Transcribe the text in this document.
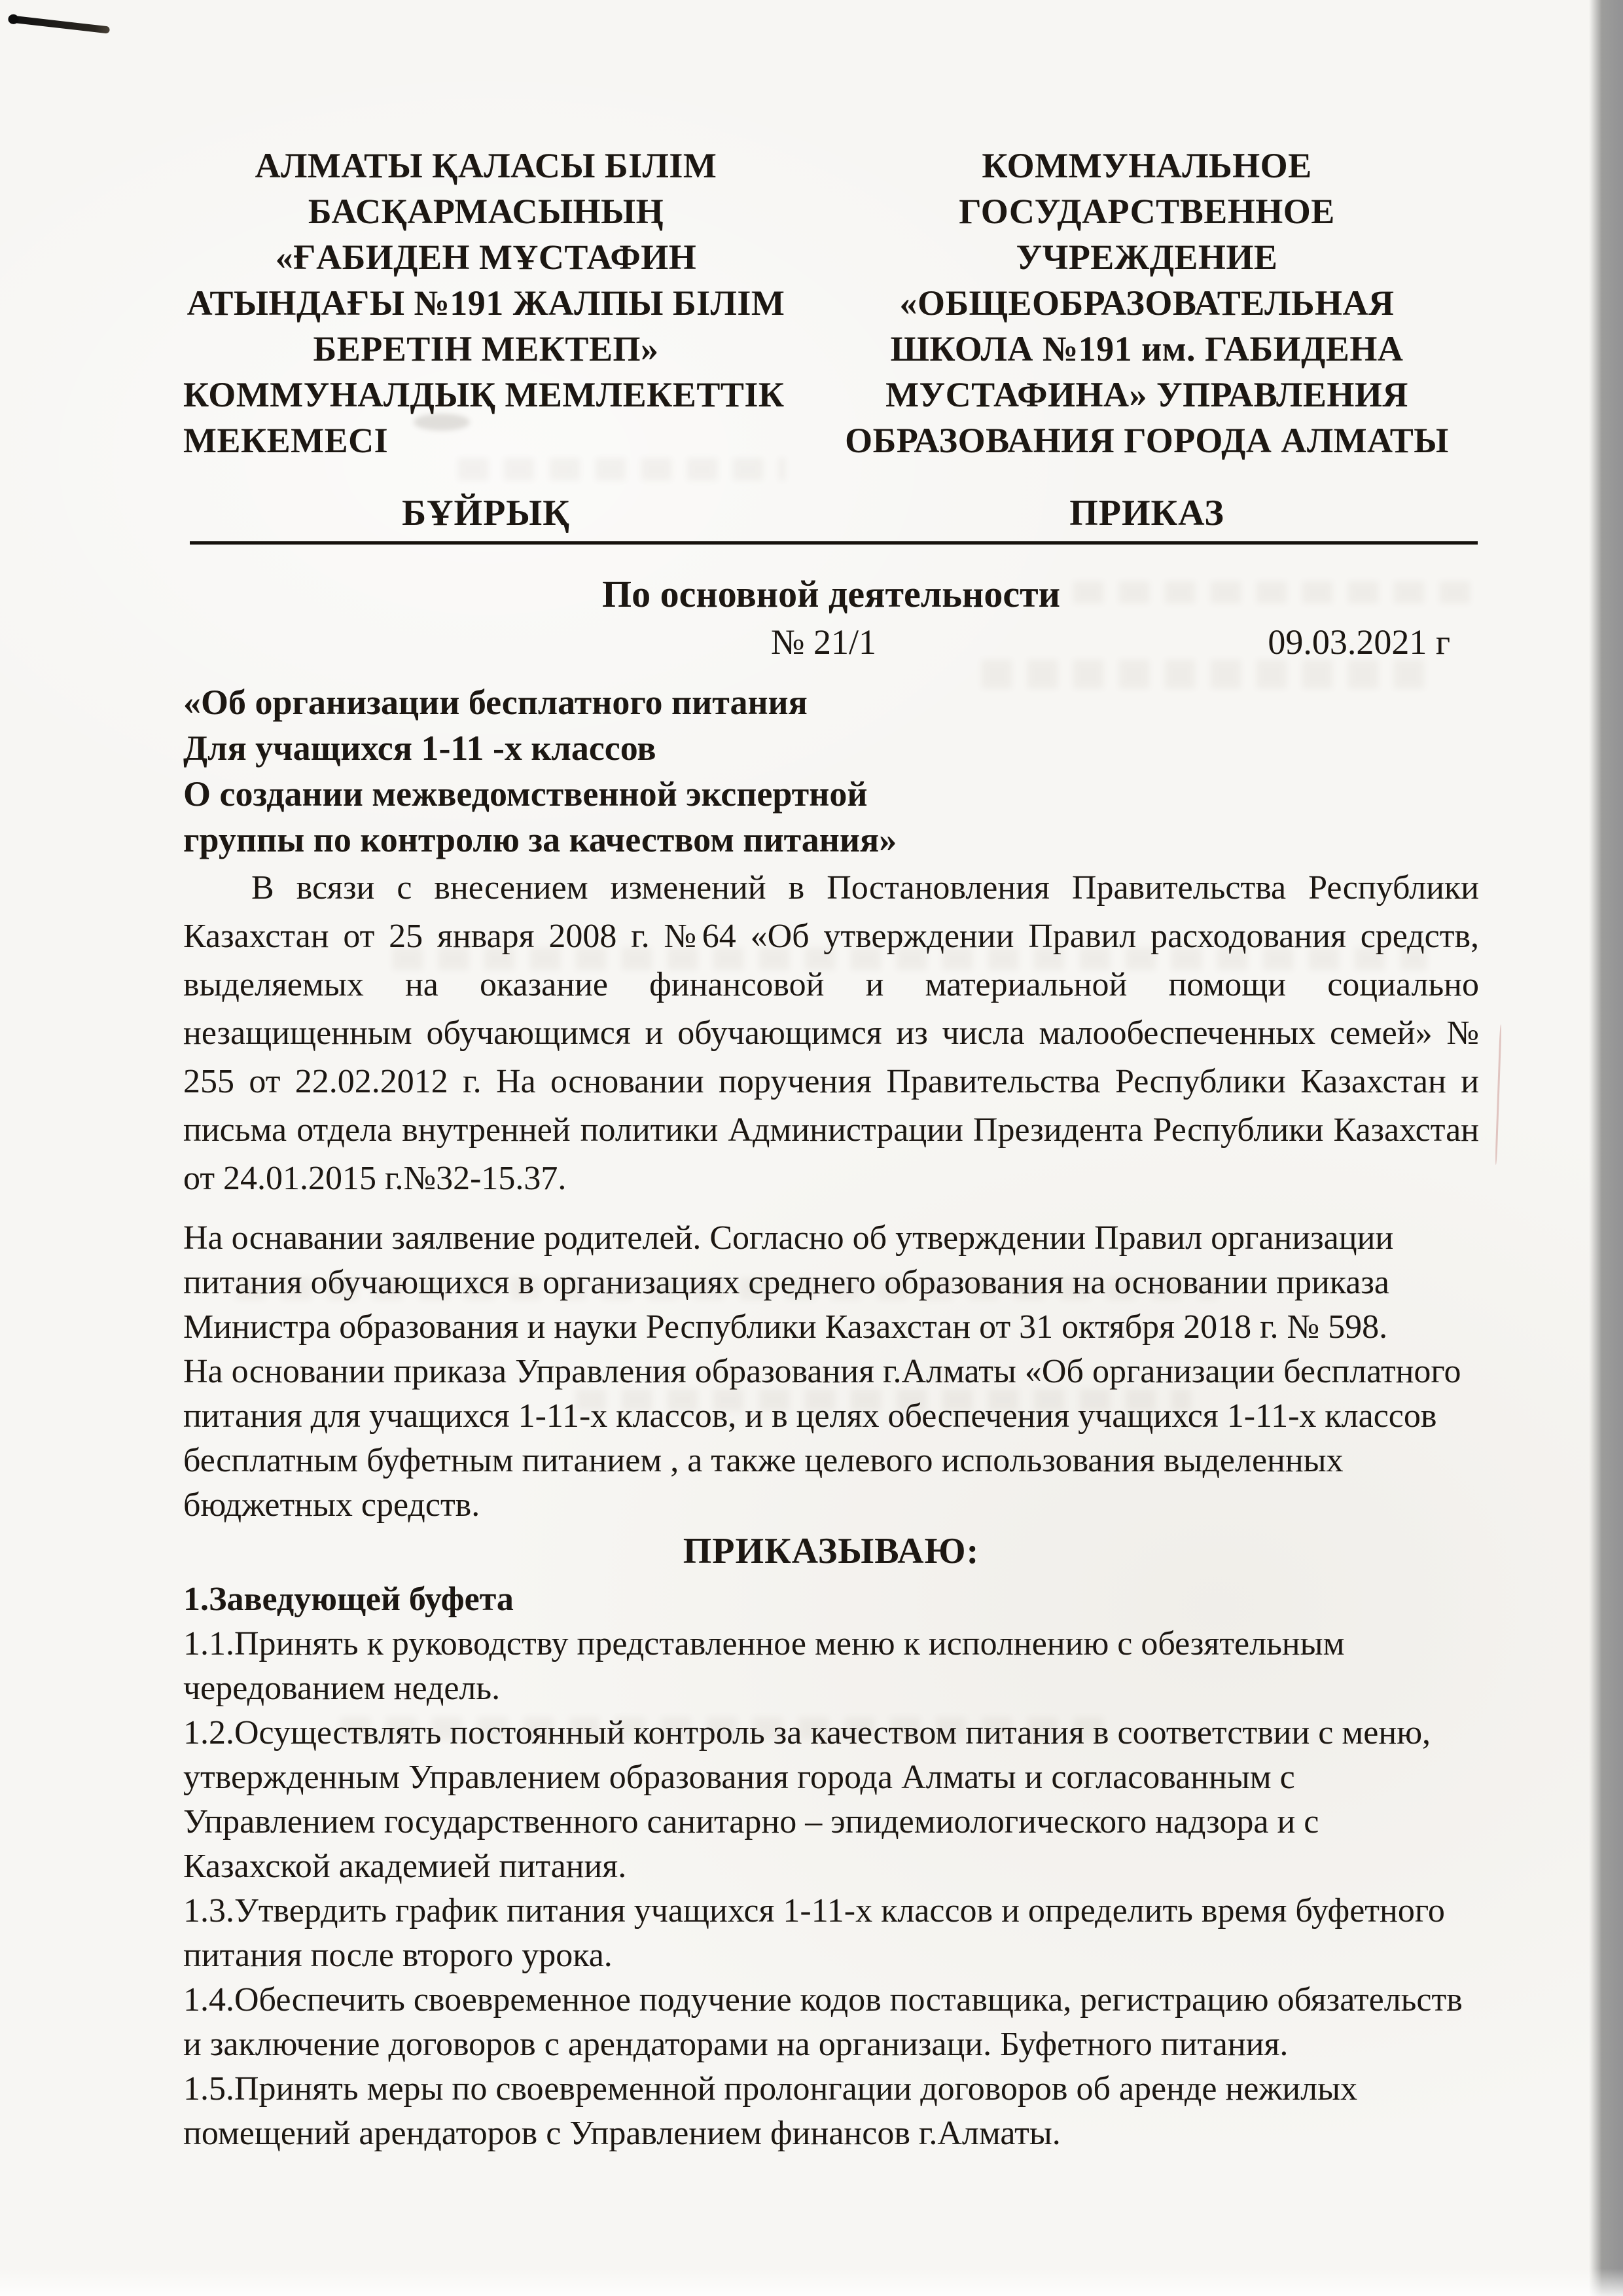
АЛМАТЫ ҚАЛАСЫ БІЛІМ
БАСҚАРМАСЫНЫҢ
«ҒАБИДЕН МҰСТАФИН
АТЫНДАҒЫ №191 ЖАЛПЫ БІЛІМ
БЕРЕТІН МЕКТЕП»
КОММУНАЛДЫҚ МЕМЛЕКЕТТІК
МЕКЕМЕСІ
КОММУНАЛЬНОЕ
ГОСУДАРСТВЕННОЕ
УЧРЕЖДЕНИЕ
«ОБЩЕОБРАЗОВАТЕЛЬНАЯ
ШКОЛА №191 им. ГАБИДЕНА
МУСТАФИНА» УПРАВЛЕНИЯ
ОБРАЗОВАНИЯ ГОРОДА АЛМАТЫ
БҰЙРЫҚ	ПРИКАЗ
По основной деятельности
№ 21/1	09.03.2021 г
«Об организации бесплатного питания
Для учащихся 1-11 -х классов
О создании межведомственной экспертной
группы по контролю за качеством питания»
В всязи с внесением изменений в Постановления Правительства Республики Казахстан от 25 января 2008 г. №64 «Об утверждении Правил расходования средств, выделяемых на оказание финансовой и материальной помощи социально незащищенным обучающимся и обучающимся из числа малообеспеченных семей» № 255 от 22.02.2012 г. На основании поручения Правительства Республики Казахстан и письма отдела внутренней политики Администрации Президента Республики Казахстан от 24.01.2015 г.№32-15.37.

На оснавании заялвение родителей. Согласно об утверждении Правил организации питания обучающихся в организациях среднего образования на основании приказа Министра образования и науки Республики Казахстан от 31 октября 2018 г. № 598.

На основании приказа Управления образования г.Алматы «Об организации бесплатного питания для учащихся 1-11-х классов, и в целях обеспечения учащихся 1-11-х классов бесплатным буфетным питанием , а также целевого использования выделенных бюджетных средств.

ПРИКАЗЫВАЮ:
1.Заведующей буфета

1.1.Принять к руководству представленное меню к исполнению с обезятельным чередованием недель.

1.2.Осуществлять постоянный контроль за качеством питания в соответствии с меню, утвержденным Управлением образования города Алматы и согласованным с Управлением государственного санитарно – эпидемиологического надзора и с Казахской академией питания.

1.3.Утвердить график питания учащихся 1-11-х классов и определить время буфетного питания после второго урока.

1.4.Обеспечить своевременное подучение кодов поставщика, регистрацию обязательств и заключение договоров с арендаторами на организаци. Буфетного питания.

1.5.Принять меры по своевременной пролонгации договоров об аренде нежилых помещений арендаторов с Управлением финансов г.Алматы.
